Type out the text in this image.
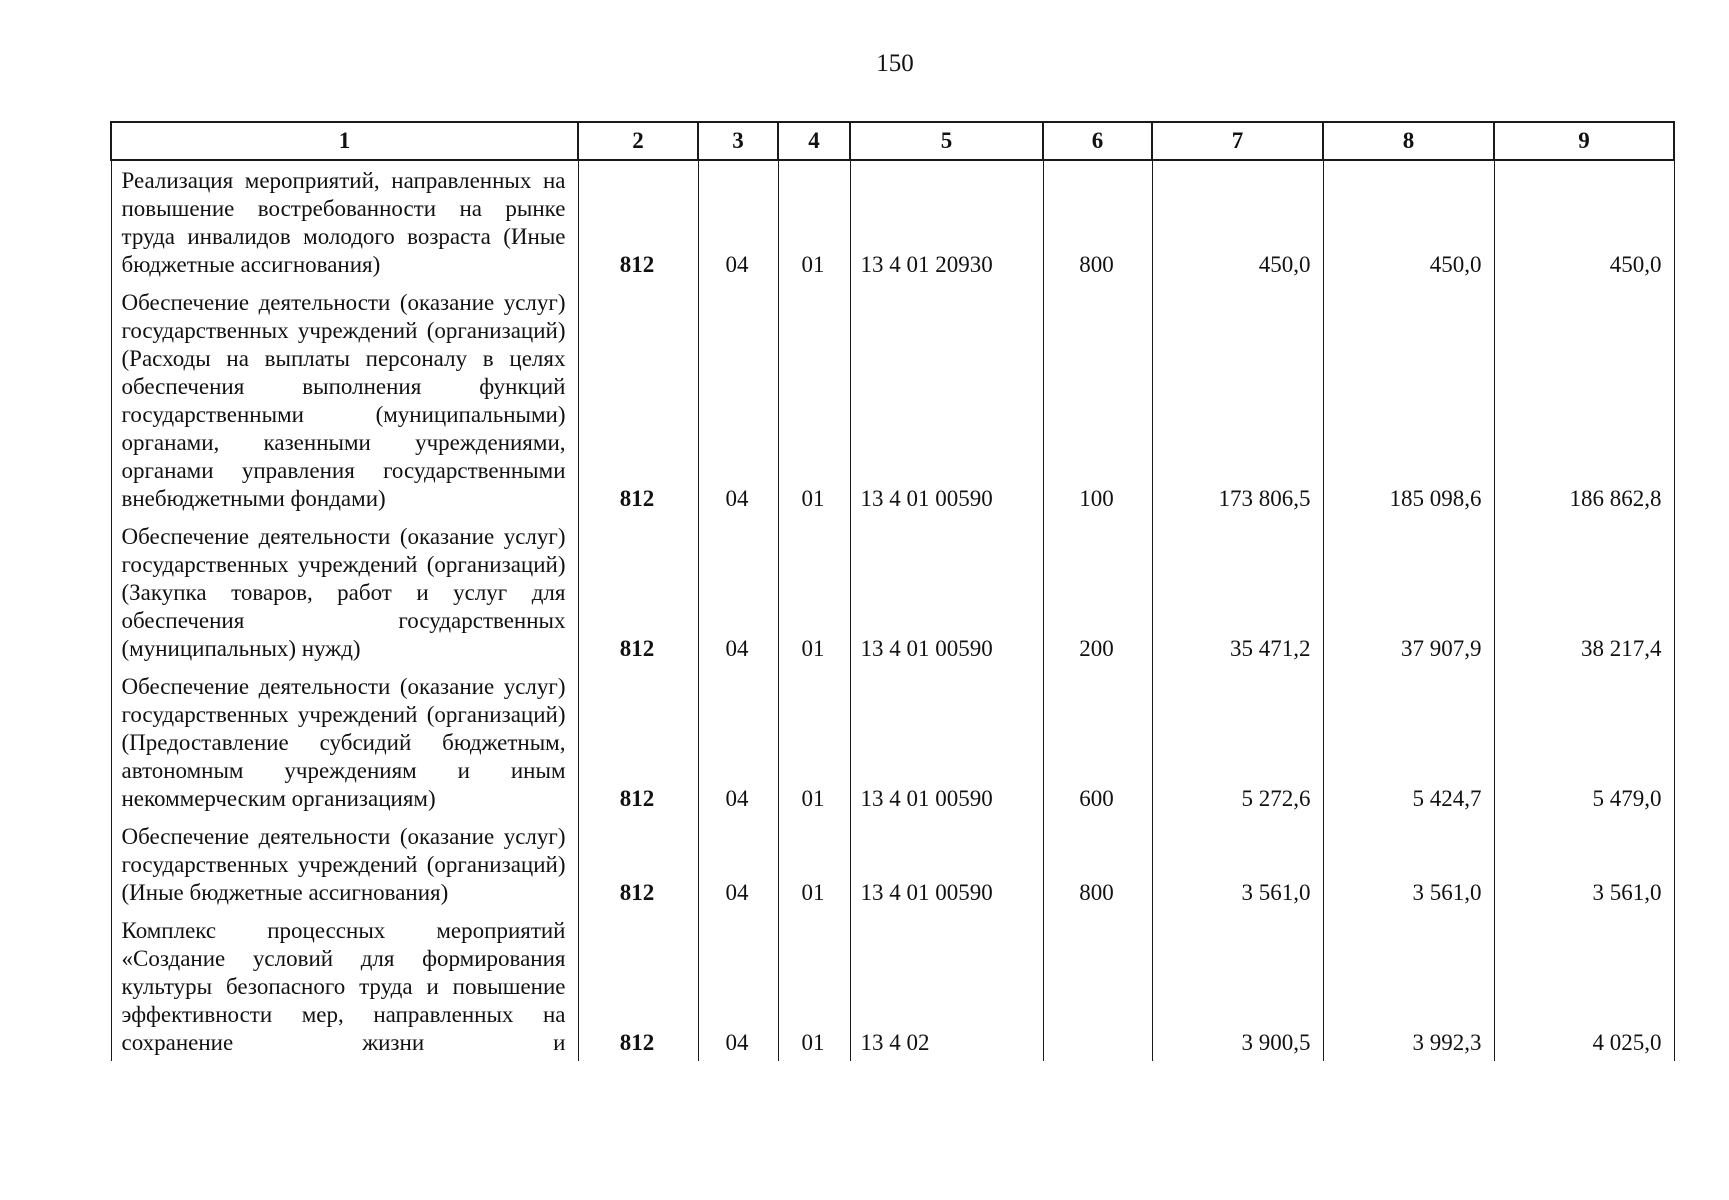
150
1	2	3	4	5	6	7	8	9
Реализация мероприятий, направленных на повышение востребованности на рынке труда инвалидов молодого возраста (Иные бюджетные ассигнования)	812	04	01	13 4 01 20930	800	450,0	450,0	450,0
Обеспечение деятельности (оказание услуг) государственных учреждений (организаций) (Расходы на выплаты персоналу в целях обеспечения выполнения функций государственными (муниципальными) органами, казенными учреждениями, органами управления государственными внебюджетными фондами)	812	04	01	13 4 01 00590	100	173 806,5	185 098,6	186 862,8
Обеспечение деятельности (оказание услуг) государственных учреждений (организаций) (Закупка товаров, работ и услуг для обеспечения государственных (муниципальных) нужд)	812	04	01	13 4 01 00590	200	35 471,2	37 907,9	38 217,4
Обеспечение деятельности (оказание услуг) государственных учреждений (организаций) (Предоставление субсидий бюджетным, автономным учреждениям и иным некоммерческим организациям)	812	04	01	13 4 01 00590	600	5 272,6	5 424,7	5 479,0
Обеспечение деятельности (оказание услуг) государственных учреждений (организаций) (Иные бюджетные ассигнования)	812	04	01	13 4 01 00590	800	3 561,0	3 561,0	3 561,0
Комплекс процессных мероприятий «Создание условий для формирования культуры безопасного труда и повышение эффективности мер, направленных на сохранение жизни и	812	04	01	13 4 02		3 900,5	3 992,3	4 025,0
